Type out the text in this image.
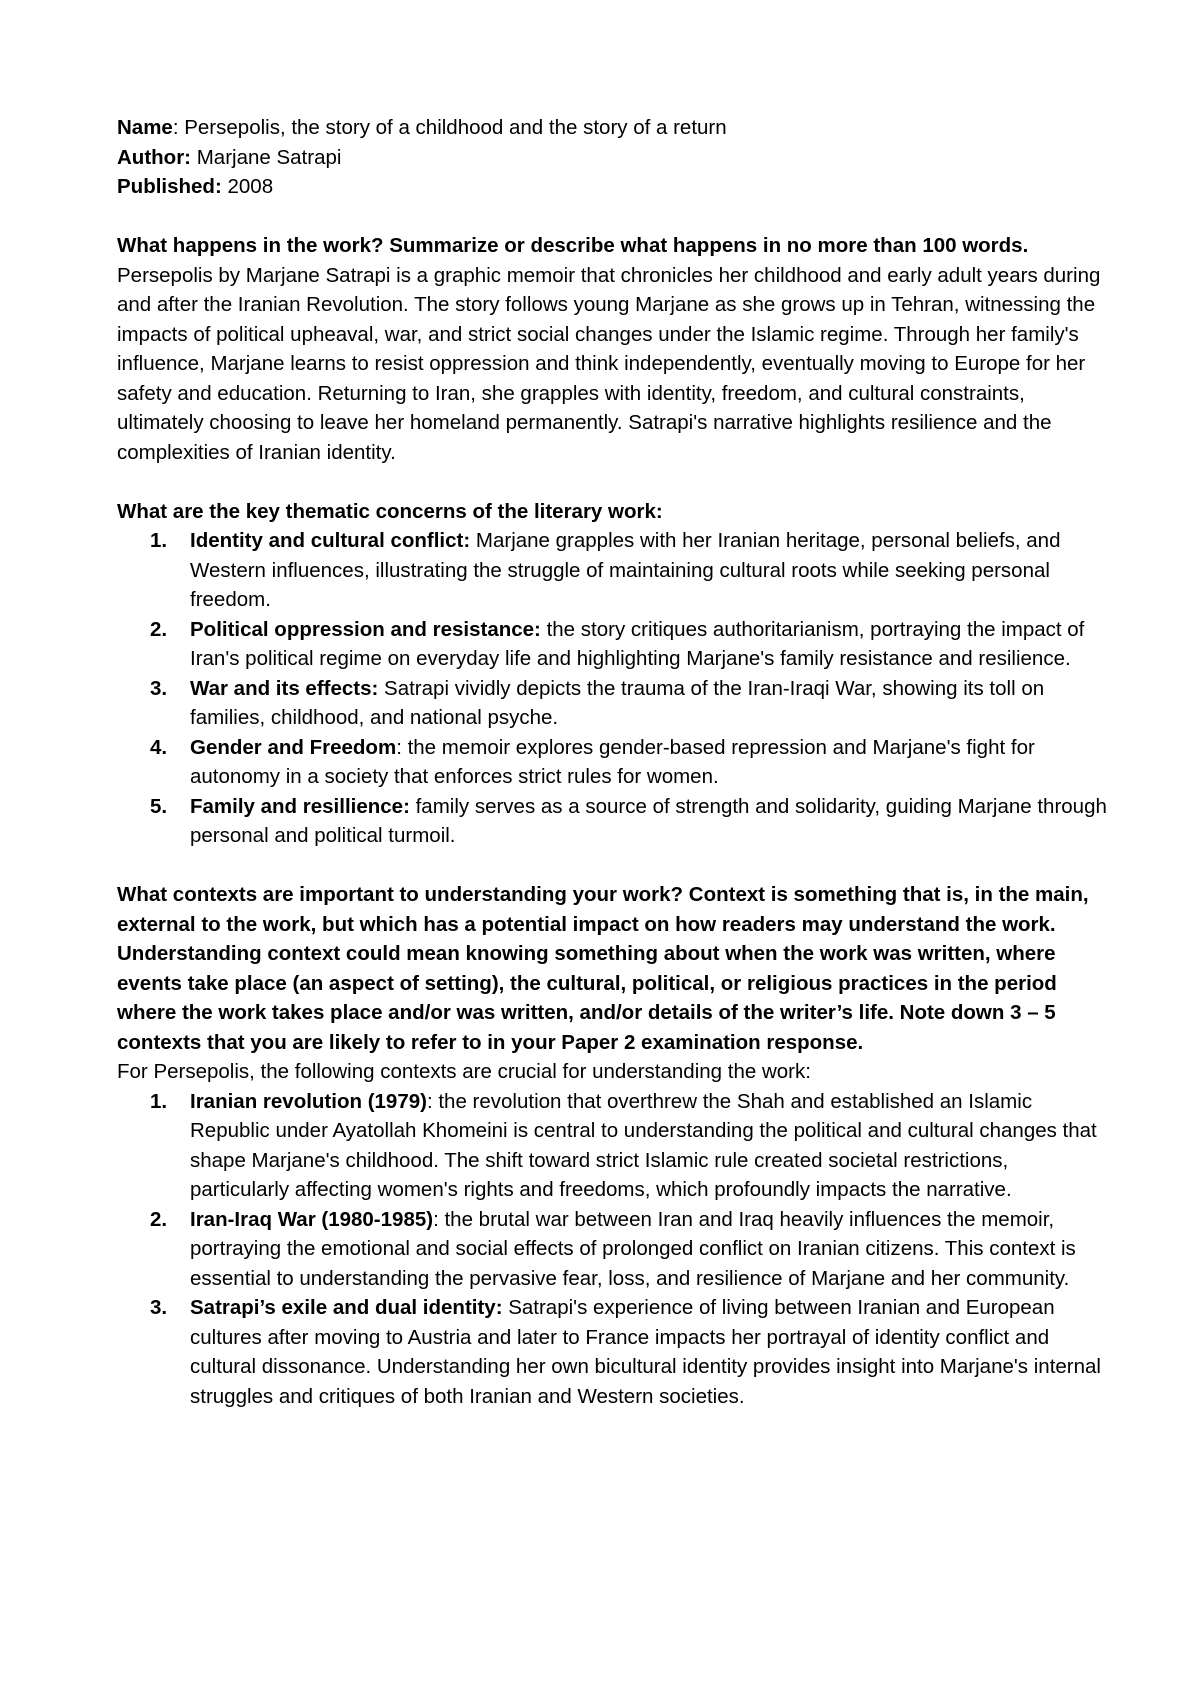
Name: Persepolis, the story of a childhood and the story of a return

Author: Marjane Satrapi

Published: 2008

What happens in the work? Summarize or describe what happens in no more than 100 words.

Persepolis by Marjane Satrapi is a graphic memoir that chronicles her childhood and early adult years during and after the Iranian Revolution. The story follows young Marjane as she grows up in Tehran, witnessing the impacts of political upheaval, war, and strict social changes under the Islamic regime. Through her family's influence, Marjane learns to resist oppression and think independently, eventually moving to Europe for her safety and education. Returning to Iran, she grapples with identity, freedom, and cultural constraints, ultimately choosing to leave her homeland permanently. Satrapi's narrative highlights resilience and the complexities of Iranian identity.

What are the key thematic concerns of the literary work:

1. Identity and cultural conflict: Marjane grapples with her Iranian heritage, personal beliefs, and Western influences, illustrating the struggle of maintaining cultural roots while seeking personal freedom.
2. Political oppression and resistance: the story critiques authoritarianism, portraying the impact of Iran's political regime on everyday life and highlighting Marjane's family resistance and resilience.
3. War and its effects: Satrapi vividly depicts the trauma of the Iran-Iraqi War, showing its toll on families, childhood, and national psyche.
4. Gender and Freedom: the memoir explores gender-based repression and Marjane's fight for autonomy in a society that enforces strict rules for women.
5. Family and resillience: family serves as a source of strength and solidarity, guiding Marjane through personal and political turmoil.

What contexts are important to understanding your work? Context is something that is, in the main, external to the work, but which has a potential impact on how readers may understand the work. Understanding context could mean knowing something about when the work was written, where events take place (an aspect of setting), the cultural, political, or religious practices in the period where the work takes place and/or was written, and/or details of the writer’s life. Note down 3 – 5 contexts that you are likely to refer to in your Paper 2 examination response.

For Persepolis, the following contexts are crucial for understanding the work:

1. Iranian revolution (1979): the revolution that overthrew the Shah and established an Islamic Republic under Ayatollah Khomeini is central to understanding the political and cultural changes that shape Marjane's childhood. The shift toward strict Islamic rule created societal restrictions, particularly affecting women's rights and freedoms, which profoundly impacts the narrative.
2. Iran-Iraq War (1980-1985): the brutal war between Iran and Iraq heavily influences the memoir, portraying the emotional and social effects of prolonged conflict on Iranian citizens. This context is essential to understanding the pervasive fear, loss, and resilience of Marjane and her community.
3. Satrapi’s exile and dual identity: Satrapi's experience of living between Iranian and European cultures after moving to Austria and later to France impacts her portrayal of identity conflict and cultural dissonance. Understanding her own bicultural identity provides insight into Marjane's internal struggles and critiques of both Iranian and Western societies.
